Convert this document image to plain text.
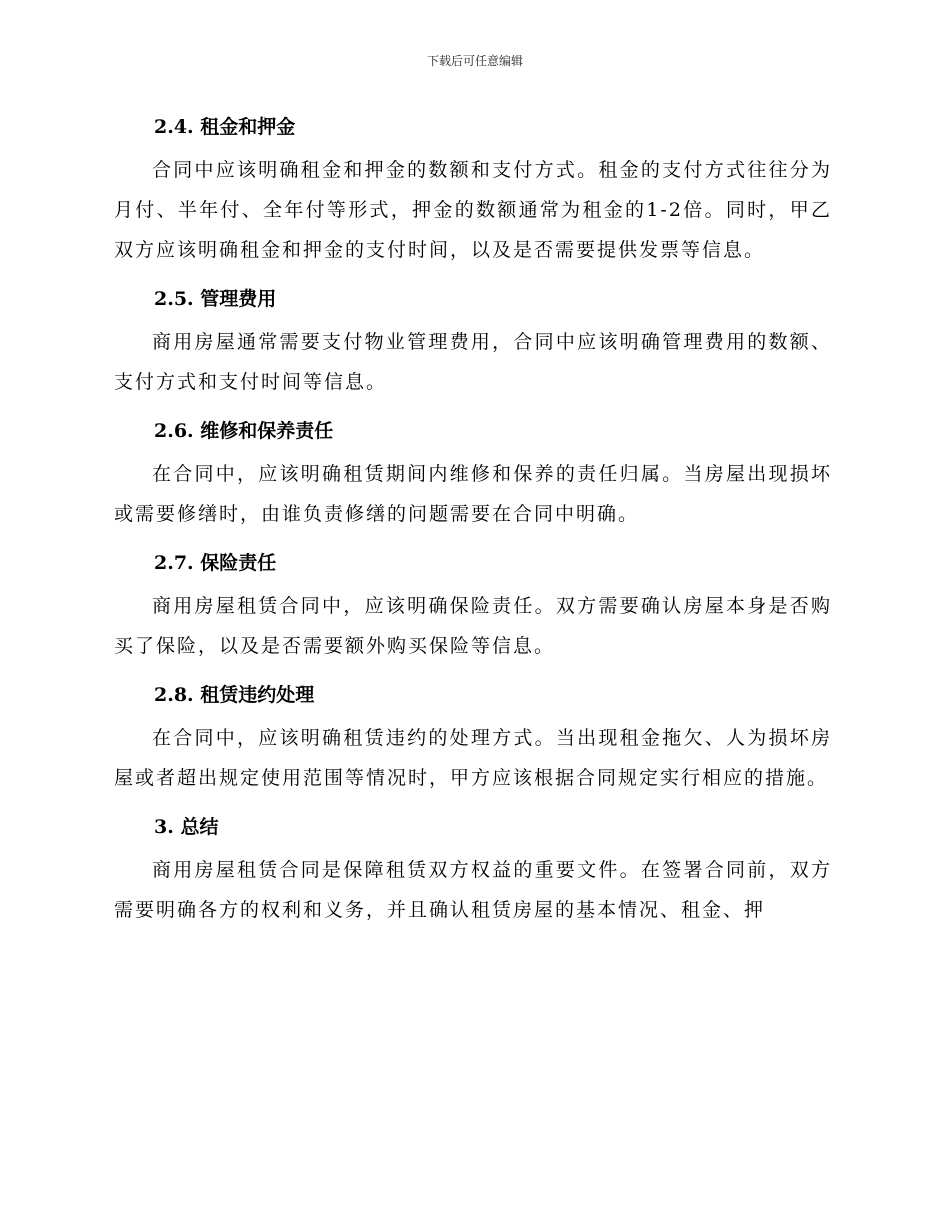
下载后可任意编辑
2.4. 租金和押金

合同中应该明确租金和押金的数额和支付方式。租金的支付方式往往分为月付、半年付、全年付等形式，押金的数额通常为租金的1-2倍。同时，甲乙双方应该明确租金和押金的支付时间，以及是否需要提供发票等信息。

2.5. 管理费用

商用房屋通常需要支付物业管理费用，合同中应该明确管理费用的数额、支付方式和支付时间等信息。

2.6. 维修和保养责任

在合同中，应该明确租赁期间内维修和保养的责任归属。当房屋出现损坏或需要修缮时，由谁负责修缮的问题需要在合同中明确。

2.7. 保险责任

商用房屋租赁合同中，应该明确保险责任。双方需要确认房屋本身是否购买了保险，以及是否需要额外购买保险等信息。

2.8. 租赁违约处理

在合同中，应该明确租赁违约的处理方式。当出现租金拖欠、人为损坏房屋或者超出规定使用范围等情况时，甲方应该根据合同规定实行相应的措施。

3. 总结

商用房屋租赁合同是保障租赁双方权益的重要文件。在签署合同前，双方需要明确各方的权利和义务，并且确认租赁房屋的基本情况、租金、押
